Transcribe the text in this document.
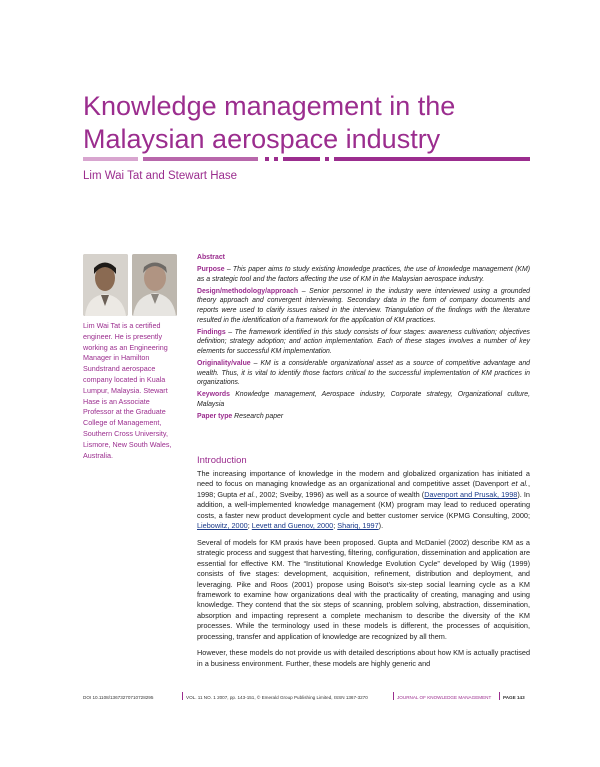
Knowledge management in the Malaysian aerospace industry
Lim Wai Tat and Stewart Hase
Lim Wai Tat is a certified engineer. He is presently working as an Engineering Manager in Hamilton Sundstrand aerospace company located in Kuala Lumpur, Malaysia. Stewart Hase is an Associate Professor at the Graduate College of Management, Southern Cross University, Lismore, New South Wales, Australia.

Abstract

Purpose – This paper aims to study existing knowledge practices, the use of knowledge management (KM) as a strategic tool and the factors affecting the use of KM in the Malaysian aerospace industry.

Design/methodology/approach – Senior personnel in the industry were interviewed using a grounded theory approach and convergent interviewing. Secondary data in the form of company documents and reports were used to clarify issues raised in the interview. Triangulation of the findings with the literature resulted in the identification of a framework for the application of KM practices.

Findings – The framework identified in this study consists of four stages: awareness cultivation; objectives definition; strategy adoption; and action implementation. Each of these stages involves a number of key elements for successful KM implementation.

Originality/value – KM is a considerable organizational asset as a source of competitive advantage and wealth. Thus, it is vital to identify those factors critical to the successful implementation of KM practices in organizations.

Keywords Knowledge management, Aerospace industry, Corporate strategy, Organizational culture, Malaysia

Paper type Research paper

Introduction

The increasing importance of knowledge in the modern and globalized organization has initiated a need to focus on managing knowledge as an organizational and competitive asset (Davenport et al., 1998; Gupta et al., 2002; Sveiby, 1996) as well as a source of wealth (Davenport and Prusak, 1998). In addition, a well-implemented knowledge management (KM) program may lead to reduced operating costs, a faster new product development cycle and better customer service (KPMG Consulting, 2000; Liebowitz, 2000; Levett and Guenov, 2000; Shariq, 1997).

Several of models for KM praxis have been proposed. Gupta and McDaniel (2002) describe KM as a strategic process and suggest that harvesting, filtering, configuration, dissemination and application are essential for effective KM. The “Institutional Knowledge Evolution Cycle” developed by Wiig (1999) consists of five stages: development, acquisition, refinement, distribution and deployment, and leveraging. Pike and Roos (2001) propose using Boisot's six-step social learning cycle as a KM framework to examine how organizations deal with the practicality of creating, managing and using knowledge. They contend that the six steps of scanning, problem solving, abstraction, dissemination, absorption and impacting represent a complete mechanism to describe the diversity of the KM processes. While the terminology used in these models is different, the processes of acquisition, processing, transfer and application of knowledge are recognized by all them.

However, these models do not provide us with detailed descriptions about how KM is actually practised in a business environment. Further, these models are highly generic and

DOI 10.1108/13673270710728295	VOL. 11 NO. 1 2007, pp. 143-151, © Emerald Group Publishing Limited, ISSN 1367-3270	JOURNAL OF KNOWLEDGE MANAGEMENT	PAGE 143
